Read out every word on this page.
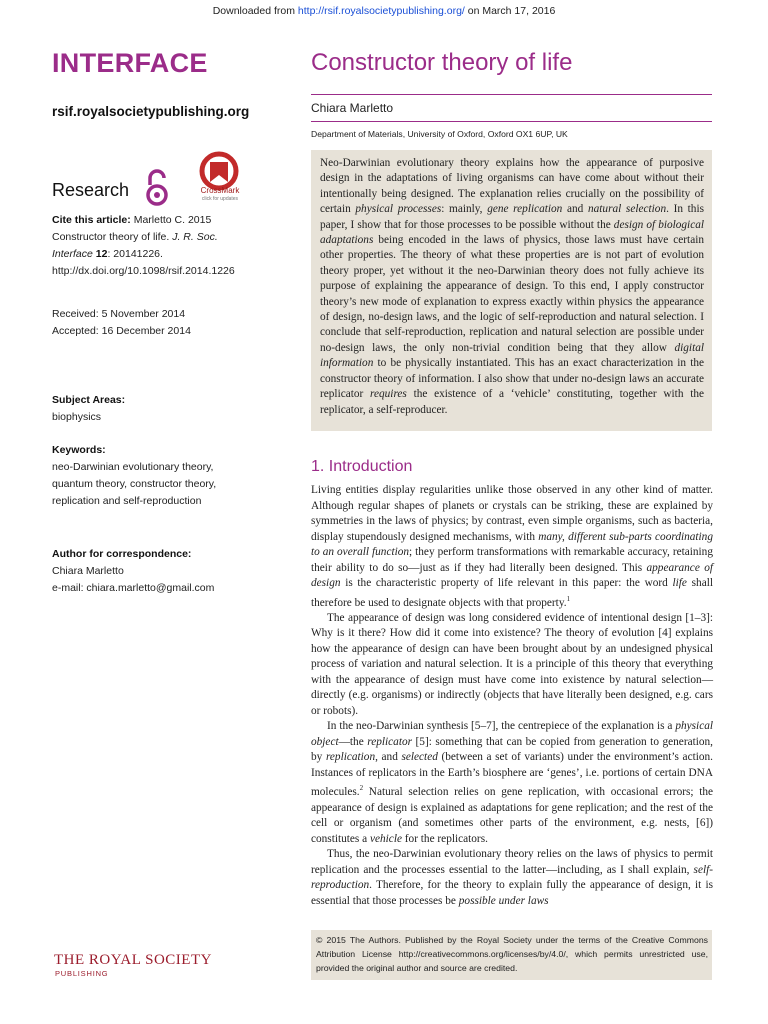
Downloaded from http://rsif.royalsocietypublishing.org/ on March 17, 2016
INTERFACE
rsif.royalsocietypublishing.org
Research	CrossMark
click for updates
Cite this article: Marletto C. 2015 Constructor theory of life. J. R. Soc. Interface 12: 20141226.
http://dx.doi.org/10.1098/rsif.2014.1226
Received: 5 November 2014
Accepted: 16 December 2014
Subject Areas:
biophysics
Keywords:
neo-Darwinian evolutionary theory, quantum theory, constructor theory, replication and self-reproduction
Author for correspondence:
Chiara Marletto
e-mail: chiara.marletto@gmail.com
Constructor theory of life
Chiara Marletto
Department of Materials, University of Oxford, Oxford OX1 6UP, UK
Neo-Darwinian evolutionary theory explains how the appearance of purposive design in the adaptations of living organisms can have come about without their intentionally being designed. The explanation relies crucially on the possibility of certain physical processes: mainly, gene replication and natural selection. In this paper, I show that for those processes to be possible without the design of biological adaptations being encoded in the laws of physics, those laws must have certain other properties. The theory of what these properties are is not part of evolution theory proper, yet without it the neo-Darwinian theory does not fully achieve its purpose of explaining the appearance of design. To this end, I apply constructor theory’s new mode of explanation to express exactly within physics the appearance of design, no-design laws, and the logic of self-reproduction and natural selection. I conclude that self-reproduction, replication and natural selection are possible under no-design laws, the only non-trivial condition being that they allow digital information to be physically instantiated. This has an exact characterization in the constructor theory of information. I also show that under no-design laws an accurate replicator requires the existence of a ‘vehicle’ constituting, together with the replicator, a self-reproducer.
1. Introduction

Living entities display regularities unlike those observed in any other kind of matter. Although regular shapes of planets or crystals can be striking, these are explained by symmetries in the laws of physics; by contrast, even simple organisms, such as bacteria, display stupendously designed mechanisms, with many, different sub-parts coordinating to an overall function; they perform transformations with remarkable accuracy, retaining their ability to do so—just as if they had literally been designed. This appearance of design is the characteristic property of life relevant in this paper: the word life shall therefore be used to designate objects with that property.$^1$

The appearance of design was long considered evidence of intentional design [1–3]: Why is it there? How did it come into existence? The theory of evolution [4] explains how the appearance of design can have been brought about by an undesigned physical process of variation and natural selection. It is a principle of this theory that everything with the appearance of design must have come into existence by natural selection—directly (e.g. organisms) or indirectly (objects that have literally been designed, e.g. cars or robots).

In the neo-Darwinian synthesis [5–7], the centrepiece of the explanation is a physical object—the replicator [5]: something that can be copied from generation to generation, by replication, and selected (between a set of variants) under the environment’s action. Instances of replicators in the Earth’s biosphere are ‘genes’, i.e. portions of certain DNA molecules.$^2$ Natural selection relies on gene replication, with occasional errors; the appearance of design is explained as adaptations for gene replication; and the rest of the cell or organism (and sometimes other parts of the environment, e.g. nests, [6]) constitutes a vehicle for the replicators.

Thus, the neo-Darwinian evolutionary theory relies on the laws of physics to permit replication and the processes essential to the latter—including, as I shall explain, self-reproduction. Therefore, for the theory to explain fully the appearance of design, it is essential that those processes be possible under laws

© 2015 The Authors. Published by the Royal Society under the terms of the Creative Commons Attribution License http://creativecommons.org/licenses/by/4.0/, which permits unrestricted use, provided the original author and source are credited.
THE ROYAL SOCIETY
PUBLISHING
